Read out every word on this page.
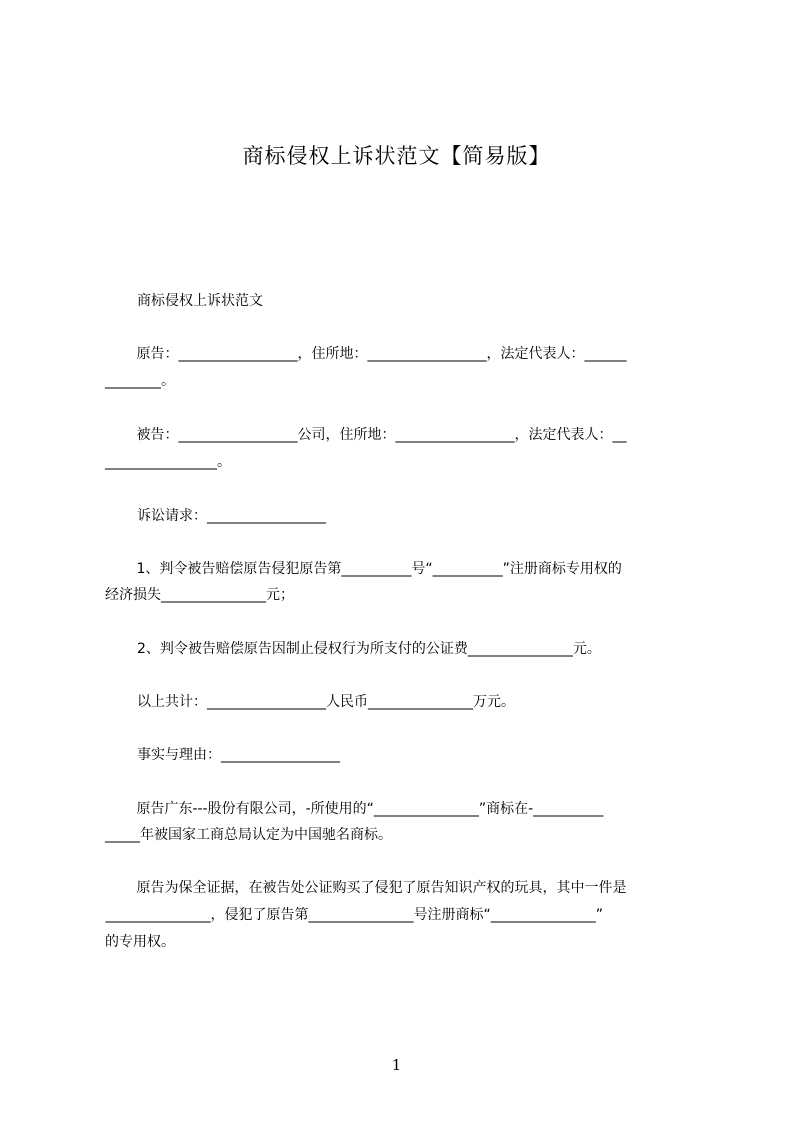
商标侵权上诉状范文【简易版】
商标侵权上诉状范文
原告：_________________，住所地：_________________，法定代表人：______
________。
被告：_________________公司，住所地：_________________，法定代表人：__
________________。
诉讼请求：_________________
1、判令被告赔偿原告侵犯原告第__________号“__________”注册商标专用权的
经济损失_______________元；
2、判令被告赔偿原告因制止侵权行为所支付的公证费_______________元。
以上共计：_________________人民币_______________万元。
事实与理由：_________________
原告广东---股份有限公司，-所使用的“_______________”商标在-__________
_____年被国家工商总局认定为中国驰名商标。
原告为保全证据，在被告处公证购买了侵犯了原告知识产权的玩具，其中一件是
_______________，侵犯了原告第_______________号注册商标“_______________”
的专用权。
1
